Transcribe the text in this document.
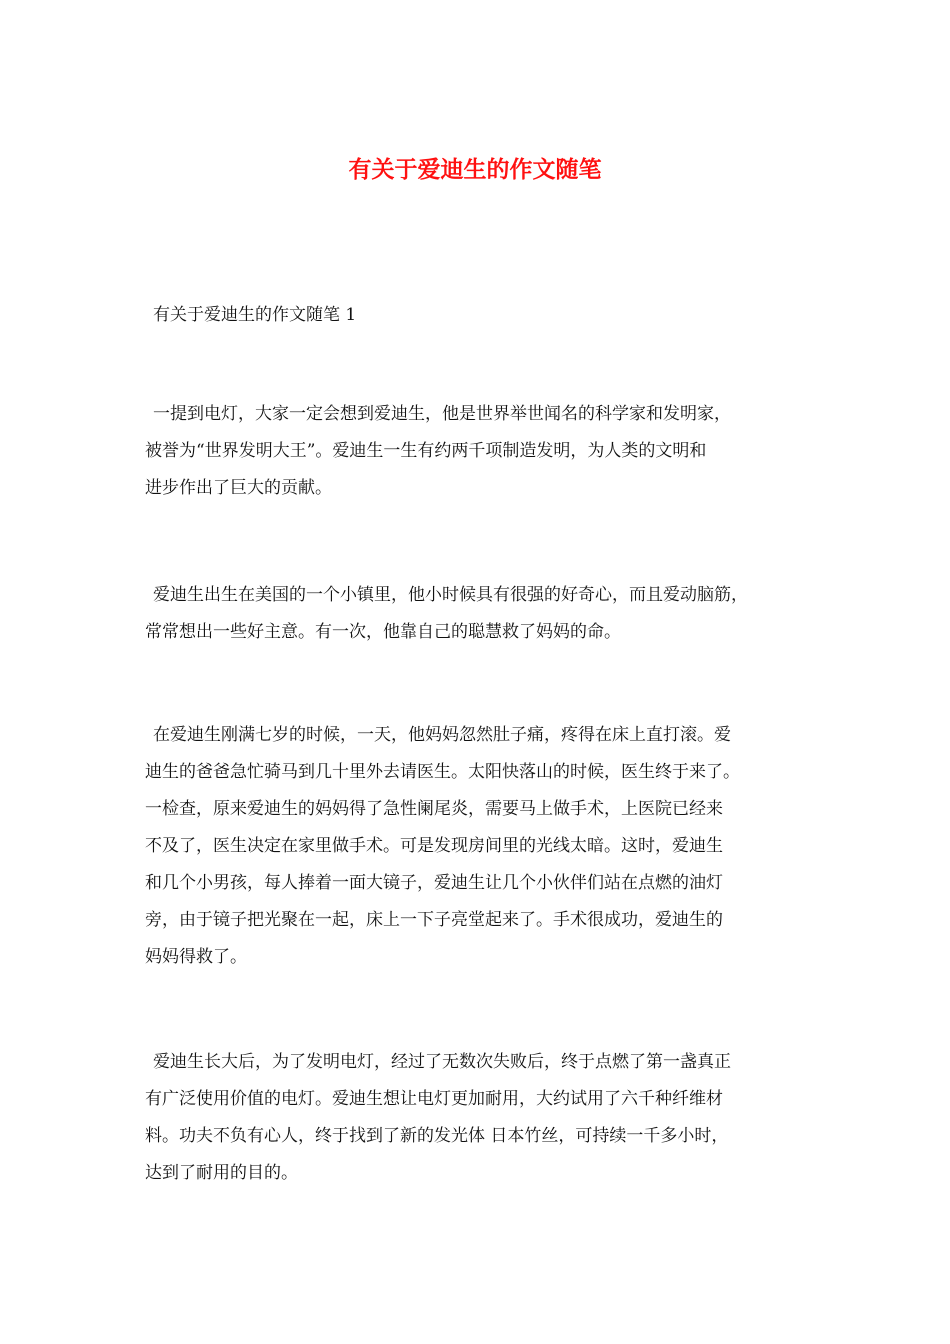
有关于爱迪生的作文随笔

有关于爱迪生的作文随笔 1

一提到电灯，大家一定会想到爱迪生，他是世界举世闻名的科学家和发明家，
被誉为“世界发明大王”。爱迪生一生有约两千项制造发明，为人类的文明和
进步作出了巨大的贡献。
爱迪生出生在美国的一个小镇里，他小时候具有很强的好奇心，而且爱动脑筋，
常常想出一些好主意。有一次，他靠自己的聪慧救了妈妈的命。
在爱迪生刚满七岁的时候，一天，他妈妈忽然肚子痛，疼得在床上直打滚。爱
迪生的爸爸急忙骑马到几十里外去请医生。太阳快落山的时候，医生终于来了。
一检查，原来爱迪生的妈妈得了急性阑尾炎，需要马上做手术，上医院已经来
不及了，医生决定在家里做手术。可是发现房间里的光线太暗。这时，爱迪生
和几个小男孩，每人捧着一面大镜子，爱迪生让几个小伙伴们站在点燃的油灯
旁，由于镜子把光聚在一起，床上一下子亮堂起来了。手术很成功，爱迪生的
妈妈得救了。
爱迪生长大后，为了发明电灯，经过了无数次失败后，终于点燃了第一盏真正
有广泛使用价值的电灯。爱迪生想让电灯更加耐用，大约试用了六千种纤维材
料。功夫不负有心人，终于找到了新的发光体 日本竹丝，可持续一千多小时，
达到了耐用的目的。
